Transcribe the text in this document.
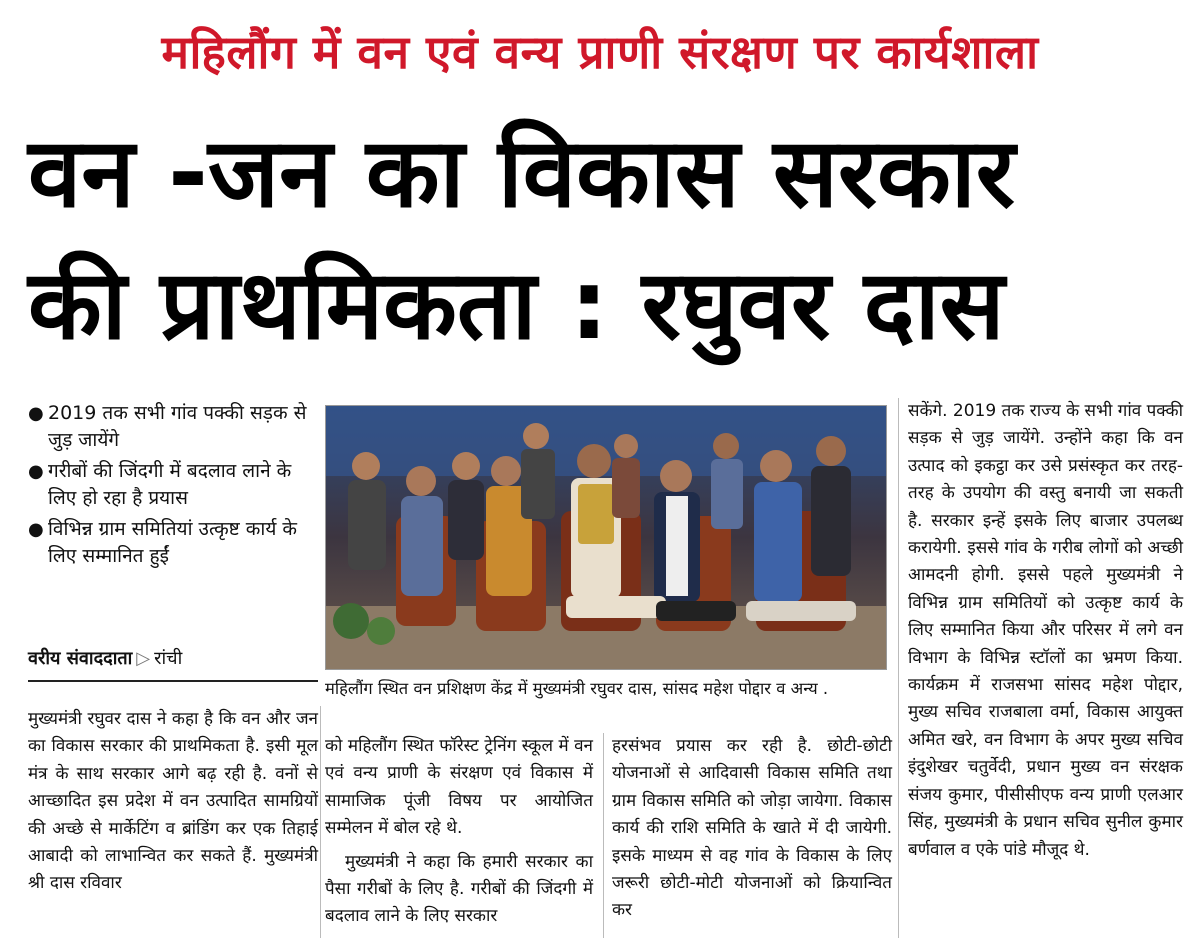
महिलौंग में वन एवं वन्य प्राणी संरक्षण पर कार्यशाला
वन -जन का विकास सरकार
की प्राथमिकता : रघुवर दास
● 2019 तक सभी गांव पक्की सड़क से जुड़ जायेंगे
● गरीबों की जिंदगी में बदलाव लाने के लिए हो रहा है प्रयास
● विभिन्न ग्राम समितियां उत्कृष्ट कार्य के लिए सम्मानित हुईं
वरीय संवाददाता ▷ रांची
महिलौंग स्थित वन प्रशिक्षण केंद्र में मुख्यमंत्री रघुवर दास, सांसद महेश पोद्दार व अन्य .
सकेंगे. 2019 तक राज्य के सभी गांव पक्की सड़क से जुड़ जायेंगे. उन्होंने कहा कि वन उत्पाद को इकट्ठा कर उसे प्रसंस्कृत कर तरह-तरह के उपयोग की वस्तु बनायी जा सकती है. सरकार इन्हें इसके लिए बाजार उपलब्ध करायेगी. इससे गांव के गरीब लोगों को अच्छी आमदनी होगी. इससे पहले मुख्यमंत्री ने विभिन्न ग्राम समितियों को उत्कृष्ट कार्य के लिए सम्मानित किया और परिसर में लगे वन विभाग के विभिन्न स्टॉलों का भ्रमण किया. कार्यक्रम में राजसभा सांसद महेश पोद्दार, मुख्य सचिव राजबाला वर्मा, विकास आयुक्त अमित खरे, वन विभाग के अपर मुख्य सचिव इंदुशेखर चतुर्वेदी, प्रधान मुख्य वन संरक्षक संजय कुमार, पीसीसीएफ वन्य प्राणी एलआर सिंह, मुख्यमंत्री के प्रधान सचिव सुनील कुमार बर्णवाल व एके पांडे मौजूद थे.
मुख्यमंत्री रघुवर दास ने कहा है कि वन और जन का विकास सरकार की प्राथमिकता है. इसी मूल मंत्र के साथ सरकार आगे बढ़ रही है. वनों से आच्छादित इस प्रदेश में वन उत्पादित सामग्रियों की अच्छे से मार्केटिंग व ब्रांडिंग कर एक तिहाई आबादी को लाभान्वित कर सकते हैं. मुख्यमंत्री श्री दास रविवार
को महिलौंग स्थित फॉरेस्ट ट्रेनिंग स्कूल में वन एवं वन्य प्राणी के संरक्षण एवं विकास में सामाजिक पूंजी विषय पर आयोजित सम्मेलन में बोल रहे थे.
मुख्यमंत्री ने कहा कि हमारी सरकार का पैसा गरीबों के लिए है. गरीबों की जिंदगी में बदलाव लाने के लिए सरकार
हरसंभव प्रयास कर रही है. छोटी-छोटी योजनाओं से आदिवासी विकास समिति तथा ग्राम विकास समिति को जोड़ा जायेगा. विकास कार्य की राशि समिति के खाते में दी जायेगी. इसके माध्यम से वह गांव के विकास के लिए जरूरी छोटी-मोटी योजनाओं को क्रियान्वित कर
